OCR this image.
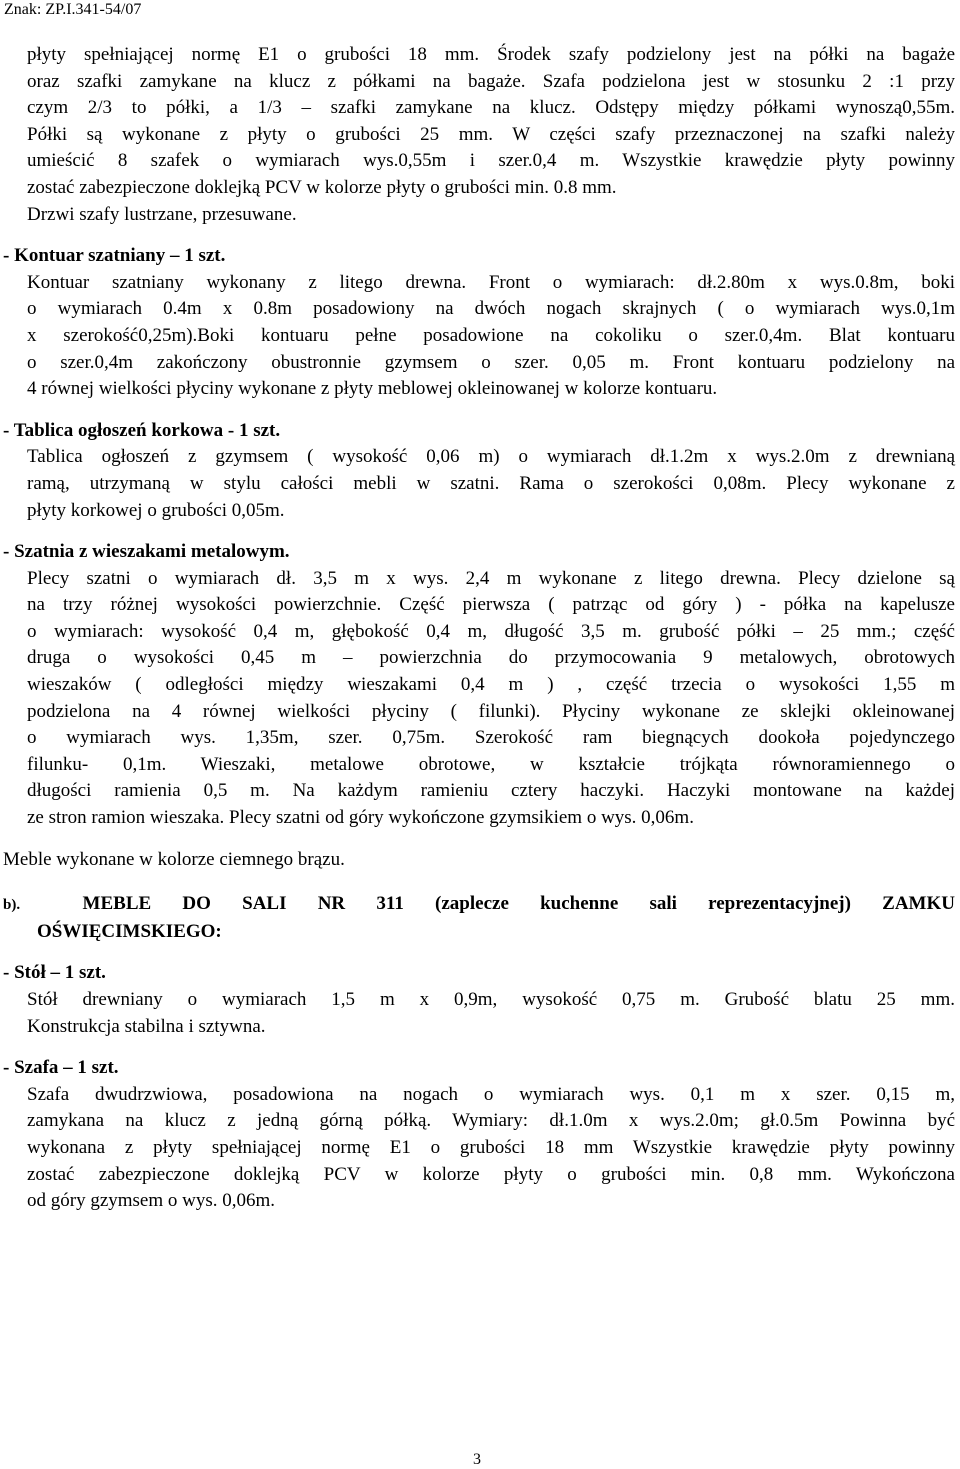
Znak: ZP.I.341-54/07
płyty spełniającej normę E1 o grubości 18 mm. Środek szafy podzielony jest na półki na bagaże
oraz szafki zamykane na klucz z półkami na bagaże. Szafa podzielona jest w stosunku 2 :1 przy
czym 2/3 to półki, a 1/3 – szafki zamykane na klucz. Odstępy między półkami wynoszą0,55m.
Półki są wykonane z płyty o grubości 25 mm. W części szafy przeznaczonej na szafki należy
umieścić 8 szafek o wymiarach wys.0,55m i szer.0,4 m. Wszystkie krawędzie płyty powinny
zostać zabezpieczone doklejką PCV w kolorze płyty o grubości min. 0.8 mm.
Drzwi szafy lustrzane, przesuwane.
- Kontuar szatniany – 1 szt.
Kontuar szatniany wykonany z litego drewna. Front o wymiarach: dł.2.80m x wys.0.8m, boki
o wymiarach 0.4m x 0.8m posadowiony na dwóch nogach skrajnych ( o wymiarach wys.0,1m
x szerokość0,25m).Boki kontuaru pełne posadowione na cokoliku o szer.0,4m. Blat kontuaru
o szer.0,4m zakończony obustronnie gzymsem o szer. 0,05 m. Front kontuaru podzielony na
4 równej wielkości płyciny wykonane z płyty meblowej okleinowanej w kolorze kontuaru.
- Tablica ogłoszeń korkowa - 1 szt.
Tablica ogłoszeń z gzymsem ( wysokość 0,06 m) o wymiarach dł.1.2m x wys.2.0m z drewnianą
ramą, utrzymaną w stylu całości mebli w szatni. Rama o szerokości 0,08m. Plecy wykonane z
płyty korkowej o grubości 0,05m.
- Szatnia z wieszakami metalowym.
Plecy szatni o wymiarach dł. 3,5 m x wys. 2,4 m wykonane z litego drewna. Plecy dzielone są
na trzy różnej wysokości powierzchnie. Część pierwsza ( patrząc od góry ) - półka na kapelusze
o wymiarach: wysokość 0,4 m, głębokość 0,4 m, długość 3,5 m. grubość półki – 25 mm.; część
druga o wysokości 0,45 m – powierzchnia do przymocowania 9 metalowych, obrotowych
wieszaków ( odległości między wieszakami 0,4 m ) , część trzecia o wysokości 1,55 m
podzielona na 4 równej wielkości płyciny ( filunki). Płyciny wykonane ze sklejki okleinowanej
o wymiarach wys. 1,35m, szer. 0,75m. Szerokość ram biegnących dookoła pojedynczego
filunku- 0,1m. Wieszaki, metalowe obrotowe, w kształcie trójkąta równoramiennego o
długości ramienia 0,5 m. Na każdym ramieniu cztery haczyki. Haczyki montowane na każdej
ze stron ramion wieszaka. Plecy szatni od góry wykończone gzymsikiem o wys. 0,06m.
Meble wykonane w kolorze ciemnego brązu.
b).	MEBLE DO SALI NR 311 (zaplecze kuchenne sali reprezentacyjnej) ZAMKU
OŚWIĘCIMSKIEGO:
- Stół – 1 szt.
Stół drewniany o wymiarach 1,5 m x 0,9m, wysokość 0,75 m. Grubość blatu 25 mm.
Konstrukcja stabilna i sztywna.
- Szafa – 1 szt.
Szafa dwudrzwiowa, posadowiona na nogach o wymiarach wys. 0,1 m x szer. 0,15 m,
zamykana na klucz z jedną górną półką. Wymiary: dł.1.0m x wys.2.0m; gł.0.5m Powinna być
wykonana z płyty spełniającej normę E1 o grubości 18 mm Wszystkie krawędzie płyty powinny
zostać zabezpieczone doklejką PCV w kolorze płyty o grubości min. 0,8 mm. Wykończona
od góry gzymsem o wys. 0,06m.
3
